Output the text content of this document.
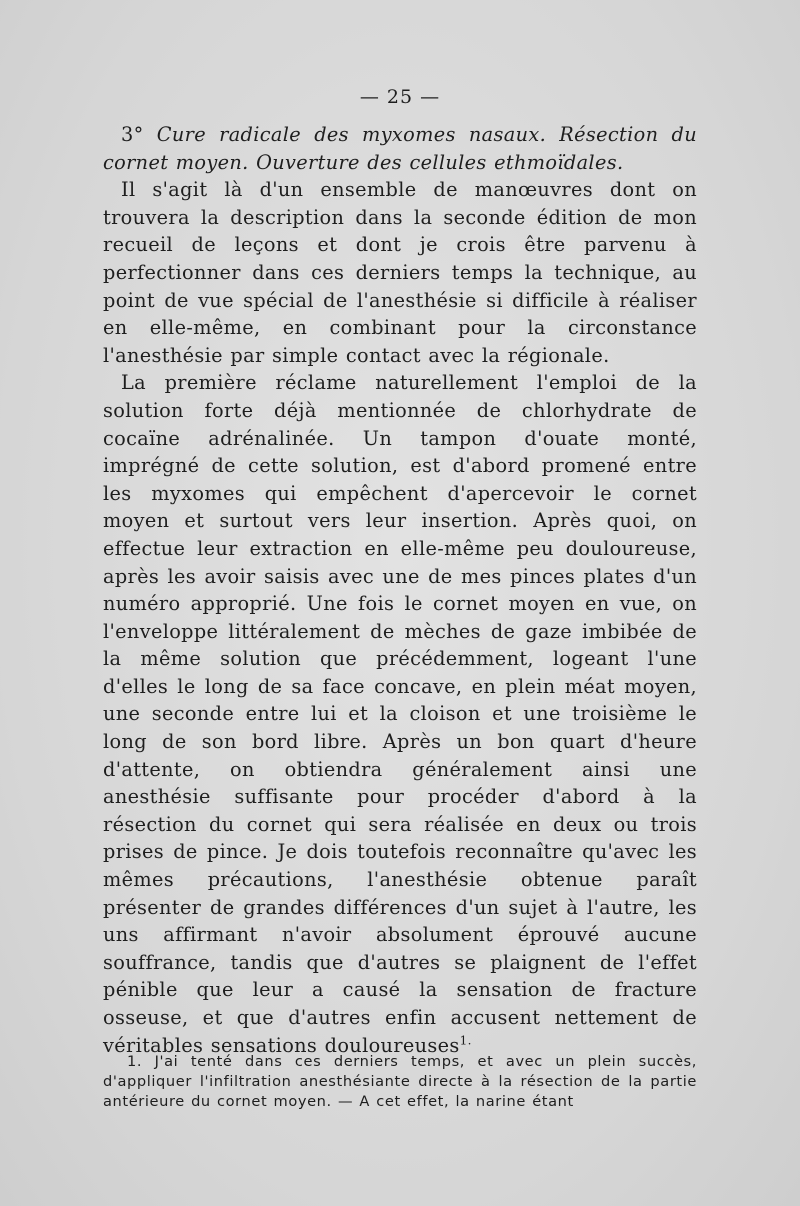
— 25 —

3° Cure radicale des myxomes nasaux. Résection du cornet moyen. Ouverture des cellules ethmoïdales.

Il s'agit là d'un ensemble de manœuvres dont on trouvera la description dans la seconde édition de mon recueil de leçons et dont je crois être parvenu à perfectionner dans ces derniers temps la technique, au point de vue spécial de l'anesthésie si difficile à réaliser en elle-même, en combinant pour la circonstance l'anesthésie par simple contact avec la régionale.

La première réclame naturellement l'emploi de la solution forte déjà mentionnée de chlorhydrate de cocaïne adrénalinée. Un tampon d'ouate monté, imprégné de cette solution, est d'abord promené entre les myxomes qui empêchent d'apercevoir le cornet moyen et surtout vers leur insertion. Après quoi, on effectue leur extraction en elle-même peu douloureuse, après les avoir saisis avec une de mes pinces plates d'un numéro approprié. Une fois le cornet moyen en vue, on l'enveloppe littéralement de mèches de gaze imbibée de la même solution que précédemment, logeant l'une d'elles le long de sa face concave, en plein méat moyen, une seconde entre lui et la cloison et une troisième le long de son bord libre. Après un bon quart d'heure d'attente, on obtiendra généralement ainsi une anesthésie suffisante pour procéder d'abord à la résection du cornet qui sera réalisée en deux ou trois prises de pince. Je dois toutefois reconnaître qu'avec les mêmes précautions, l'anesthésie obtenue paraît présenter de grandes différences d'un sujet à l'autre, les uns affirmant n'avoir absolument éprouvé aucune souffrance, tandis que d'autres se plaignent de l'effet pénible que leur a causé la sensation de fracture osseuse, et que d'autres enfin accusent nettement de véritables sensations douloureuses$^{1.}$

1. J'ai tenté dans ces derniers temps, et avec un plein succès, d'appliquer l'infiltration anesthésiante directe à la résection de la partie antérieure du cornet moyen. — A cet effet, la narine étant
